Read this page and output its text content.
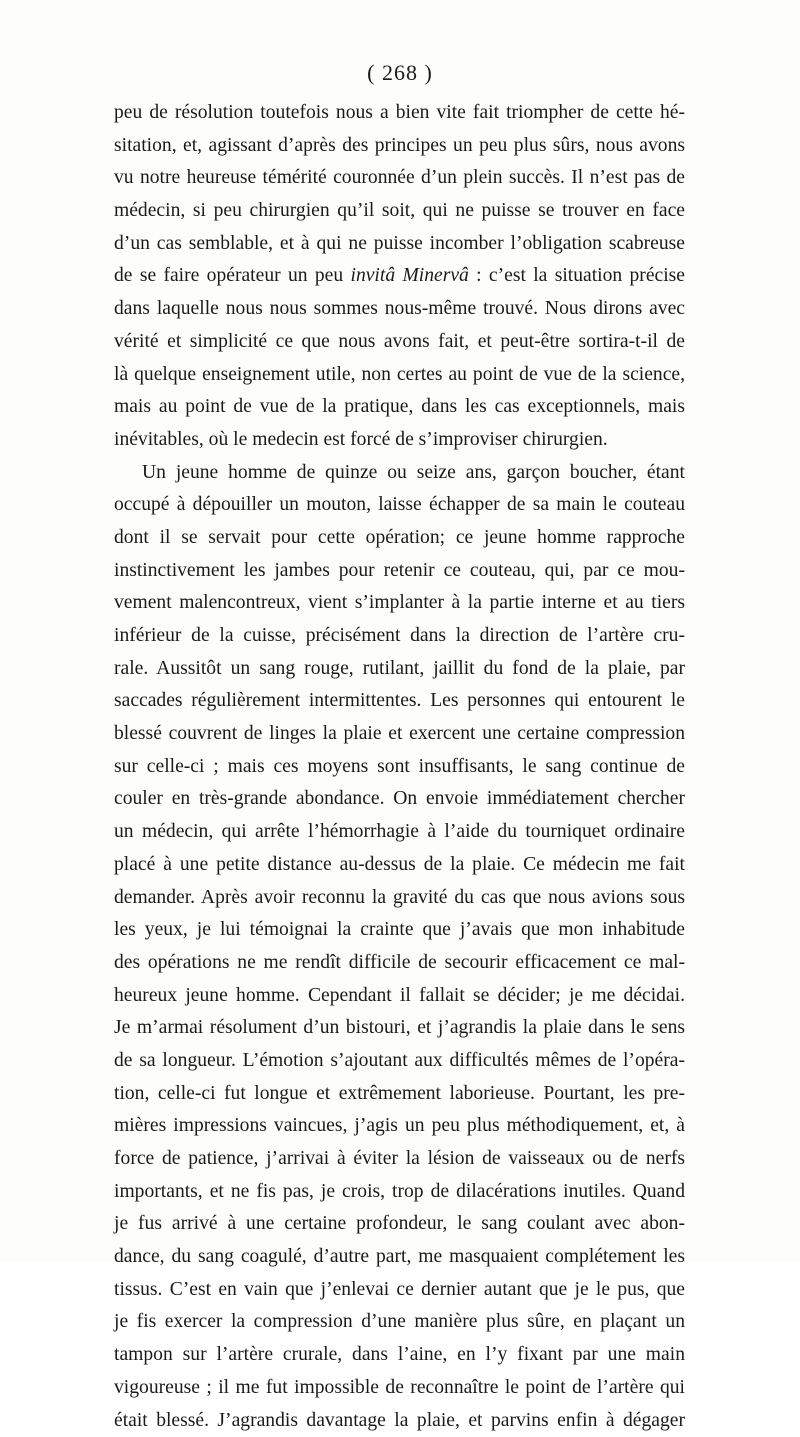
( 268 )
peu de résolution toutefois nous a bien vite fait triompher de cette hé-
sitation, et, agissant d’après des principes un peu plus sûrs, nous avons
vu notre heureuse témérité couronnée d’un plein succès. Il n’est pas de
médecin, si peu chirurgien qu’il soit, qui ne puisse se trouver en face
d’un cas semblable, et à qui ne puisse incomber l’obligation scabreuse
de se faire opérateur un peu invitâ Minervâ : c’est la situation précise
dans laquelle nous nous sommes nous-même trouvé. Nous dirons avec
vérité et simplicité ce que nous avons fait, et peut-être sortira-t-il de
là quelque enseignement utile, non certes au point de vue de la science,
mais au point de vue de la pratique, dans les cas exceptionnels, mais
inévitables, où le medecin est forcé de s’improviser chirurgien.
Un jeune homme de quinze ou seize ans, garçon boucher, étant
occupé à dépouiller un mouton, laisse échapper de sa main le couteau
dont il se servait pour cette opération; ce jeune homme rapproche
instinctivement les jambes pour retenir ce couteau, qui, par ce mou-
vement malencontreux, vient s’implanter à la partie interne et au tiers
inférieur de la cuisse, précisément dans la direction de l’artère cru-
rale. Aussitôt un sang rouge, rutilant, jaillit du fond de la plaie, par
saccades régulièrement intermittentes. Les personnes qui entourent le
blessé couvrent de linges la plaie et exercent une certaine compression
sur celle-ci ; mais ces moyens sont insuffisants, le sang continue de
couler en très-grande abondance. On envoie immédiatement chercher
un médecin, qui arrête l’hémorrhagie à l’aide du tourniquet ordinaire
placé à une petite distance au-dessus de la plaie. Ce médecin me fait
demander. Après avoir reconnu la gravité du cas que nous avions sous
les yeux, je lui témoignai la crainte que j’avais que mon inhabitude
des opérations ne me rendît difficile de secourir efficacement ce mal-
heureux jeune homme. Cependant il fallait se décider; je me décidai.
Je m’armai résolument d’un bistouri, et j’agrandis la plaie dans le sens
de sa longueur. L’émotion s’ajoutant aux difficultés mêmes de l’opéra-
tion, celle-ci fut longue et extrêmement laborieuse. Pourtant, les pre-
mières impressions vaincues, j’agis un peu plus méthodiquement, et, à
force de patience, j’arrivai à éviter la lésion de vaisseaux ou de nerfs
importants, et ne fis pas, je crois, trop de dilacérations inutiles. Quand
je fus arrivé à une certaine profondeur, le sang coulant avec abon-
dance, du sang coagulé, d’autre part, me masquaient complétement les
tissus. C’est en vain que j’enlevai ce dernier autant que je le pus, que
je fis exercer la compression d’une manière plus sûre, en plaçant un
tampon sur l’artère crurale, dans l’aine, en l’y fixant par une main
vigoureuse ; il me fut impossible de reconnaître le point de l’artère qui
était blessé. J’agrandis davantage la plaie, et parvins enfin à dégager
